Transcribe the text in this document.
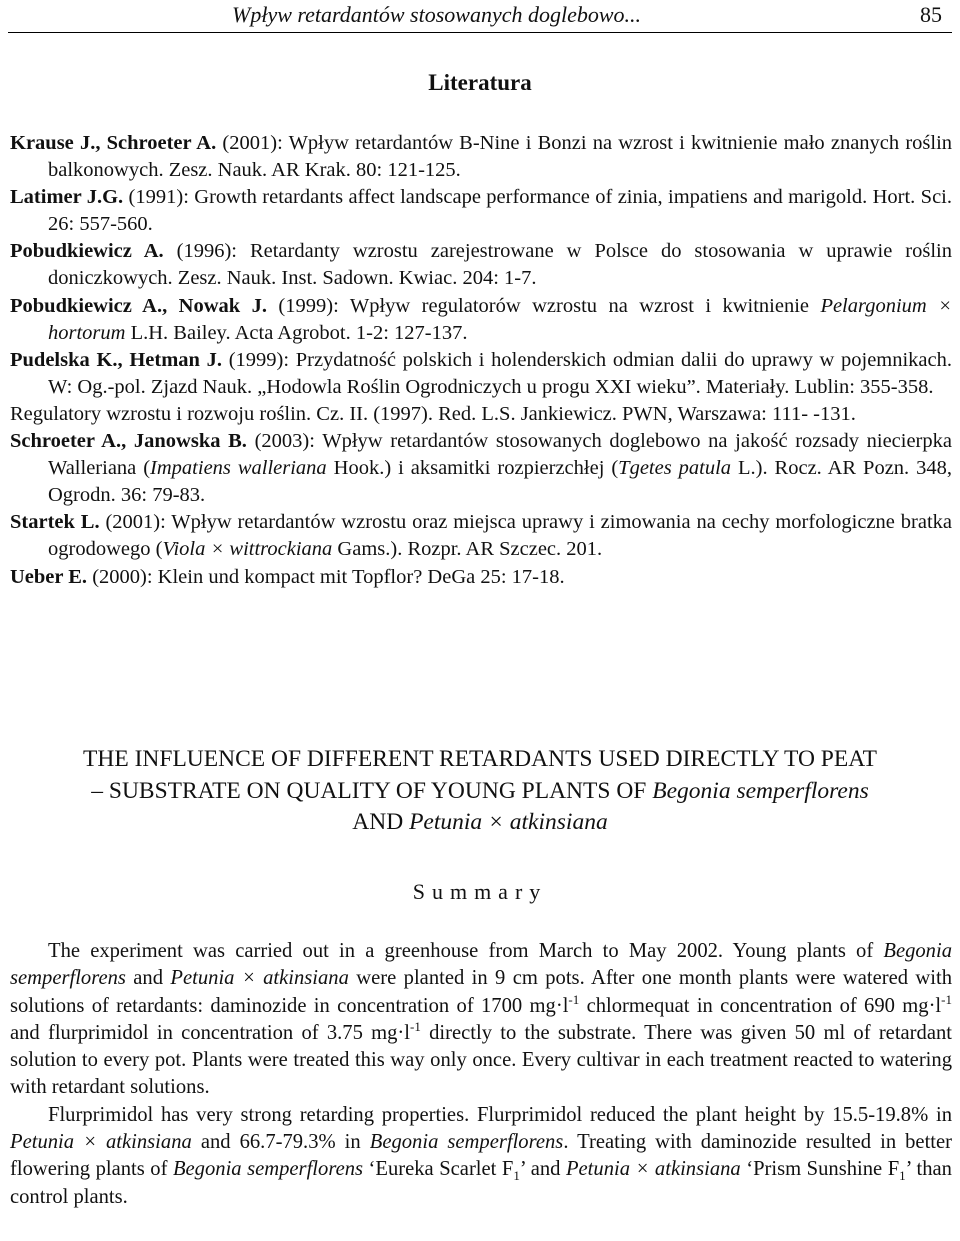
Wpływ retardantów stosowanych doglebowo...	85
Literatura

Krause J., Schroeter A. (2001): Wpływ retardantów B-Nine i Bonzi na wzrost i kwitnienie mało znanych roślin balkonowych. Zesz. Nauk. AR Krak. 80: 121-125.

Latimer J.G. (1991): Growth retardants affect landscape performance of zinia, impatiens and marigold. Hort. Sci. 26: 557-560.

Pobudkiewicz A. (1996): Retardanty wzrostu zarejestrowane w Polsce do stosowania w uprawie roślin doniczkowych. Zesz. Nauk. Inst. Sadown. Kwiac. 204: 1-7.

Pobudkiewicz A., Nowak J. (1999): Wpływ regulatorów wzrostu na wzrost i kwitnienie Pelargonium × hortorum L.H. Bailey. Acta Agrobot. 1-2: 127-137.

Pudelska K., Hetman J. (1999): Przydatność polskich i holenderskich odmian dalii do uprawy w pojemnikach. W: Og.-pol. Zjazd Nauk. „Hodowla Roślin Ogrodniczych u progu XXI wieku”. Materiały. Lublin: 355-358.

Regulatory wzrostu i rozwoju roślin. Cz. II. (1997). Red. L.S. Jankiewicz. PWN, Warszawa: 111- -131.

Schroeter A., Janowska B. (2003): Wpływ retardantów stosowanych doglebowo na jakość rozsady niecierpka Walleriana (Impatiens walleriana Hook.) i aksamitki rozpierzchłej (Tgetes patula L.). Rocz. AR Pozn. 348, Ogrodn. 36: 79-83.

Startek L. (2001): Wpływ retardantów wzrostu oraz miejsca uprawy i zimowania na cechy morfologiczne bratka ogrodowego (Viola × wittrockiana Gams.). Rozpr. AR Szczec. 201.

Ueber E. (2000): Klein und kompact mit Topflor? DeGa 25: 17-18.

THE INFLUENCE OF DIFFERENT RETARDANTS USED DIRECTLY TO PEAT
– SUBSTRATE ON QUALITY OF YOUNG PLANTS OF Begonia semperflorens
AND Petunia × atkinsiana
Summary

The experiment was carried out in a greenhouse from March to May 2002. Young plants of Begonia semperflorens and Petunia × atkinsiana were planted in 9 cm pots. After one month plants were watered with solutions of retardants: daminozide in concentration of 1700 $mg\cdot l^{-1}$ chlormequat in concentration of 690 $mg\cdot l^{-1}$ and flurprimidol in concentration of 3.75 $mg\cdot l^{-1}$ directly to the substrate. There was given 50 ml of retardant solution to every pot. Plants were treated this way only once. Every cultivar in each treatment reacted to watering with retardant solutions.

Flurprimidol has very strong retarding properties. Flurprimidol reduced the plant height by 15.5-19.8% in Petunia × atkinsiana and 66.7-79.3% in Begonia semperflorens. Treating with daminozide resulted in better flowering plants of Begonia semperflorens ‘Eureka Scarlet $F_1$’ and Petunia × atkinsiana ‘Prism Sunshine $F_1$’ than control plants.
